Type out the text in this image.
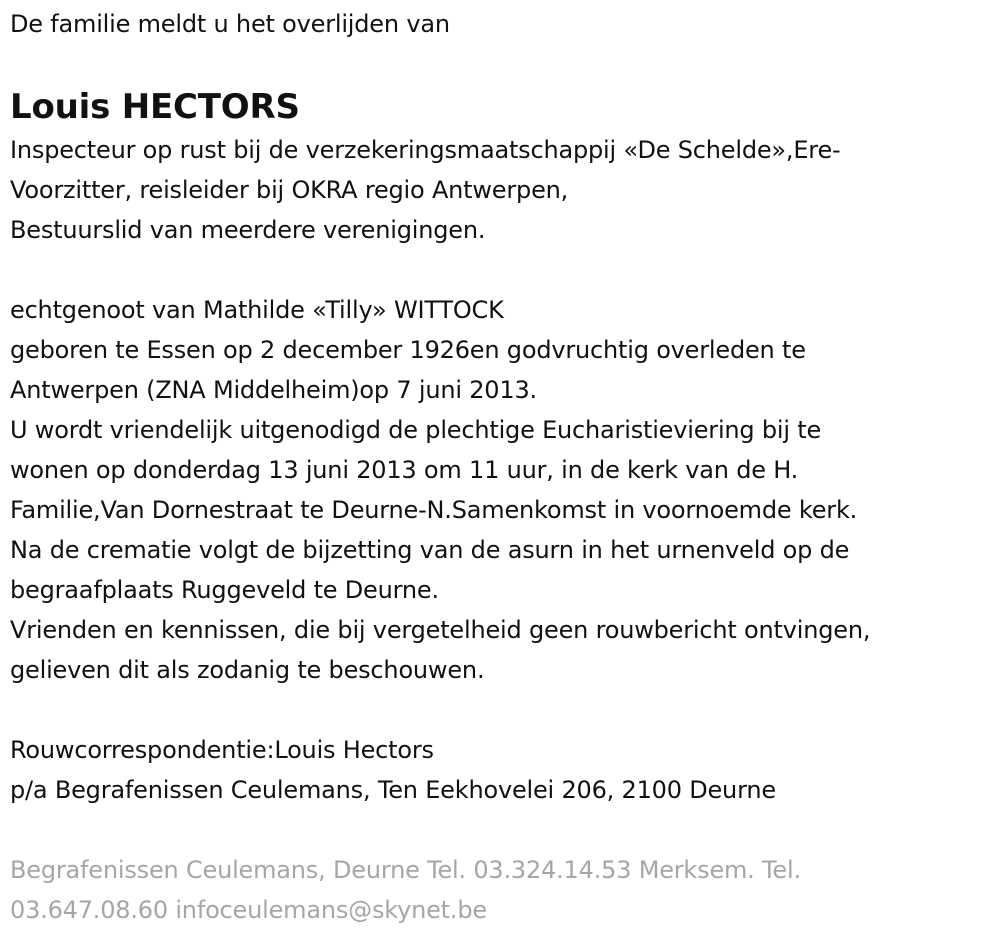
De familie meldt u het overlijden van
Louis HECTORS
Inspecteur op rust bij de verzekeringsmaatschappij «De Schelde»,Ere-
Voorzitter, reisleider bij OKRA regio Antwerpen,
Bestuurslid van meerdere verenigingen.
echtgenoot van Mathilde «Tilly» WITTOCK
geboren te Essen op 2 december 1926en godvruchtig overleden te
Antwerpen (ZNA Middelheim)op 7 juni 2013.
U wordt vriendelijk uitgenodigd de plechtige Eucharistieviering bij te
wonen op donderdag 13 juni 2013 om 11 uur, in de kerk van de H.
Familie,Van Dornestraat te Deurne-N.Samenkomst in voornoemde kerk.
Na de crematie volgt de bijzetting van de asurn in het urnenveld op de
begraafplaats Ruggeveld te Deurne.
Vrienden en kennissen, die bij vergetelheid geen rouwbericht ontvingen,
gelieven dit als zodanig te beschouwen.
Rouwcorrespondentie:Louis Hectors
p/a Begrafenissen Ceulemans, Ten Eekhovelei 206, 2100 Deurne
Begrafenissen Ceulemans, Deurne Tel. 03.324.14.53 Merksem. Tel.
03.647.08.60 infoceulemans@skynet.be
